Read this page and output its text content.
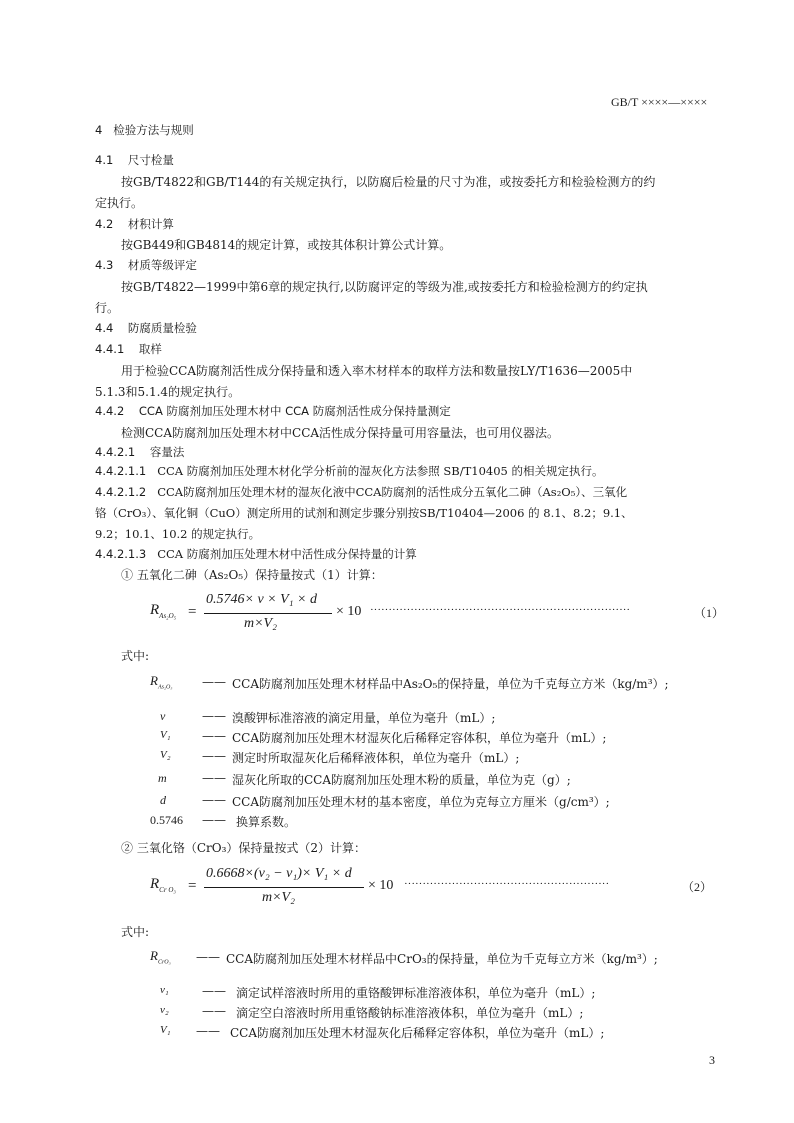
GB/T ××××—××××
4 检验方法与规则
4.1 尺寸检量
按GB/T4822和GB/T144的有关规定执行，以防腐后检量的尺寸为准，或按委托方和检验检测方的约
定执行。
4.2 材积计算
按GB449和GB4814的规定计算，或按其体积计算公式计算。
4.3 材质等级评定
按GB/T4822—1999中第6章的规定执行,以防腐评定的等级为准,或按委托方和检验检测方的约定执
行。
4.4 防腐质量检验
4.4.1 取样
用于检验CCA防腐剂活性成分保持量和透入率木材样本的取样方法和数量按LY/T1636—2005中
5.1.3和5.1.4的规定执行。
4.4.2 CCA 防腐剂加压处理木材中 CCA 防腐剂活性成分保持量测定
检测CCA防腐剂加压处理木材中CCA活性成分保持量可用容量法，也可用仪器法。
4.4.2.1 容量法
4.4.2.1.1 CCA 防腐剂加压处理木材化学分析前的湿灰化方法参照 SB/T10405 的相关规定执行。
4.4.2.1.2 CCA防腐剂加压处理木材的湿灰化液中CCA防腐剂的活性成分五氧化二砷（As₂O₅）、三氧化
铬（CrO₃）、氧化铜（CuO）测定所用的试剂和测定步骤分别按SB/T10404—2006 的 8.1、8.2；9.1、
9.2；10.1、10.2 的规定执行。
4.4.2.1.3 CCA 防腐剂加压处理木材中活性成分保持量的计算
① 五氧化二砷（As₂O₅）保持量按式（1）计算：
$R_{As_2O_5}$ =
0.5746× v × V₁ × d
m×V₂
× 10 ·······································································	（1）
式中:
$R_{As_2O_5}$ —— CCA防腐剂加压处理木材样品中As₂O₅的保持量，单位为千克每立方米（kg/m³）;
v	—— 溴酸钾标准溶液的滴定用量，单位为毫升（mL）;
V₁	—— CCA防腐剂加压处理木材湿灰化后稀释定容体积，单位为毫升（mL）;
V₂	—— 测定时所取湿灰化后稀释液体积，单位为毫升（mL）;
m	—— 湿灰化所取的CCA防腐剂加压处理木粉的质量，单位为克（g）;
d	—— CCA防腐剂加压处理木材的基本密度，单位为克每立方厘米（g/cm³）;
0.5746 —— 换算系数。
② 三氧化铬（CrO₃）保持量按式（2）计算：
$R_{Cr O_3}$ =
0.6668×(v₂ − v₁)× V₁ × d
m×V₂
× 10 ························································	（2）
式中:
$R_{CrO_3}$ —— CCA防腐剂加压处理木材样品中CrO₃的保持量，单位为千克每立方米（kg/m³）;
v₁	—— 滴定试样溶液时所用的重铬酸钾标准溶液体积，单位为毫升（mL）;
v₂	—— 滴定空白溶液时所用重铬酸钠标准溶液体积，单位为毫升（mL）;
V₁ —— CCA防腐剂加压处理木材湿灰化后稀释定容体积，单位为毫升（mL）;
3
